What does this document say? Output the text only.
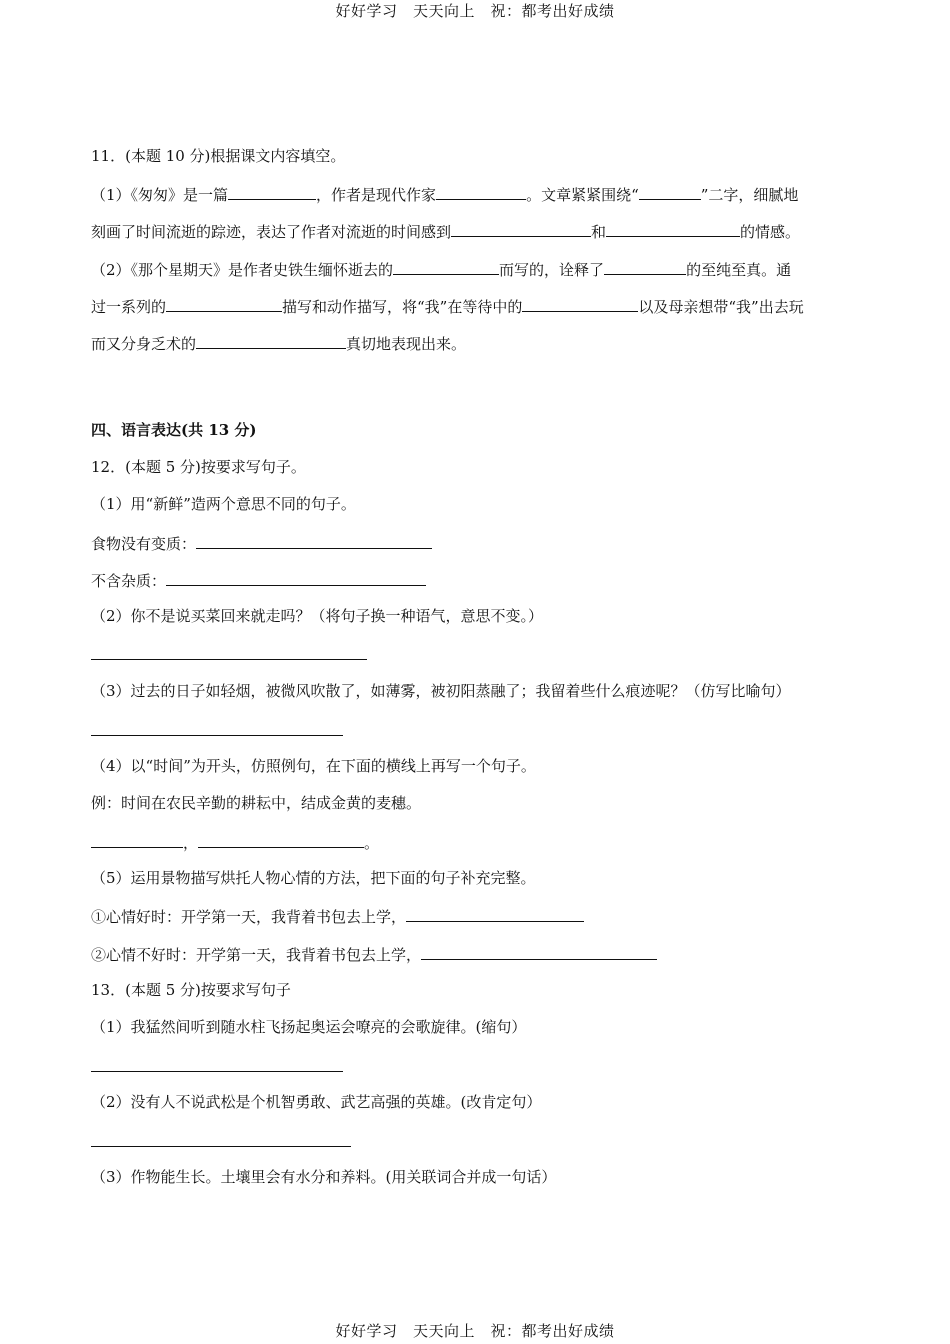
好好学习　天天向上　祝：都考出好成绩
11．(本题 10 分)根据课文内容填空。
（1）《匆匆》是一篇	，作者是现代作家	。文章紧紧围绕“	”二字，细腻地
刻画了时间流逝的踪迹，表达了作者对流逝的时间感到	和	的情感。
（2）《那个星期天》是作者史铁生缅怀逝去的	而写的，诠释了	的至纯至真。通
过一系列的	描写和动作描写，将“我”在等待中的	以及母亲想带“我”出去玩
而又分身乏术的	真切地表现出来。
四、语言表达(共 13 分)
12．(本题 5 分)按要求写句子。
（1）用“新鲜”造两个意思不同的句子。
食物没有变质：
不含杂质：
（2）你不是说买菜回来就走吗？（将句子换一种语气，意思不变。）
（3）过去的日子如轻烟，被微风吹散了，如薄雾，被初阳蒸融了；我留着些什么痕迹呢？（仿写比喻句）
（4）以“时间”为开头，仿照例句，在下面的横线上再写一个句子。
例：时间在农民辛勤的耕耘中，结成金黄的麦穗。
，	。
（5）运用景物描写烘托人物心情的方法，把下面的句子补充完整。
①心情好时：开学第一天，我背着书包去上学，
②心情不好时：开学第一天，我背着书包去上学，
13．(本题 5 分)按要求写句子
（1）我猛然间听到随水柱飞扬起奥运会嘹亮的会歌旋律。(缩句）
（2）没有人不说武松是个机智勇敢、武艺高强的英雄。(改肯定句）
（3）作物能生长。土壤里会有水分和养料。(用关联词合并成一句话）
好好学习　天天向上　祝：都考出好成绩
